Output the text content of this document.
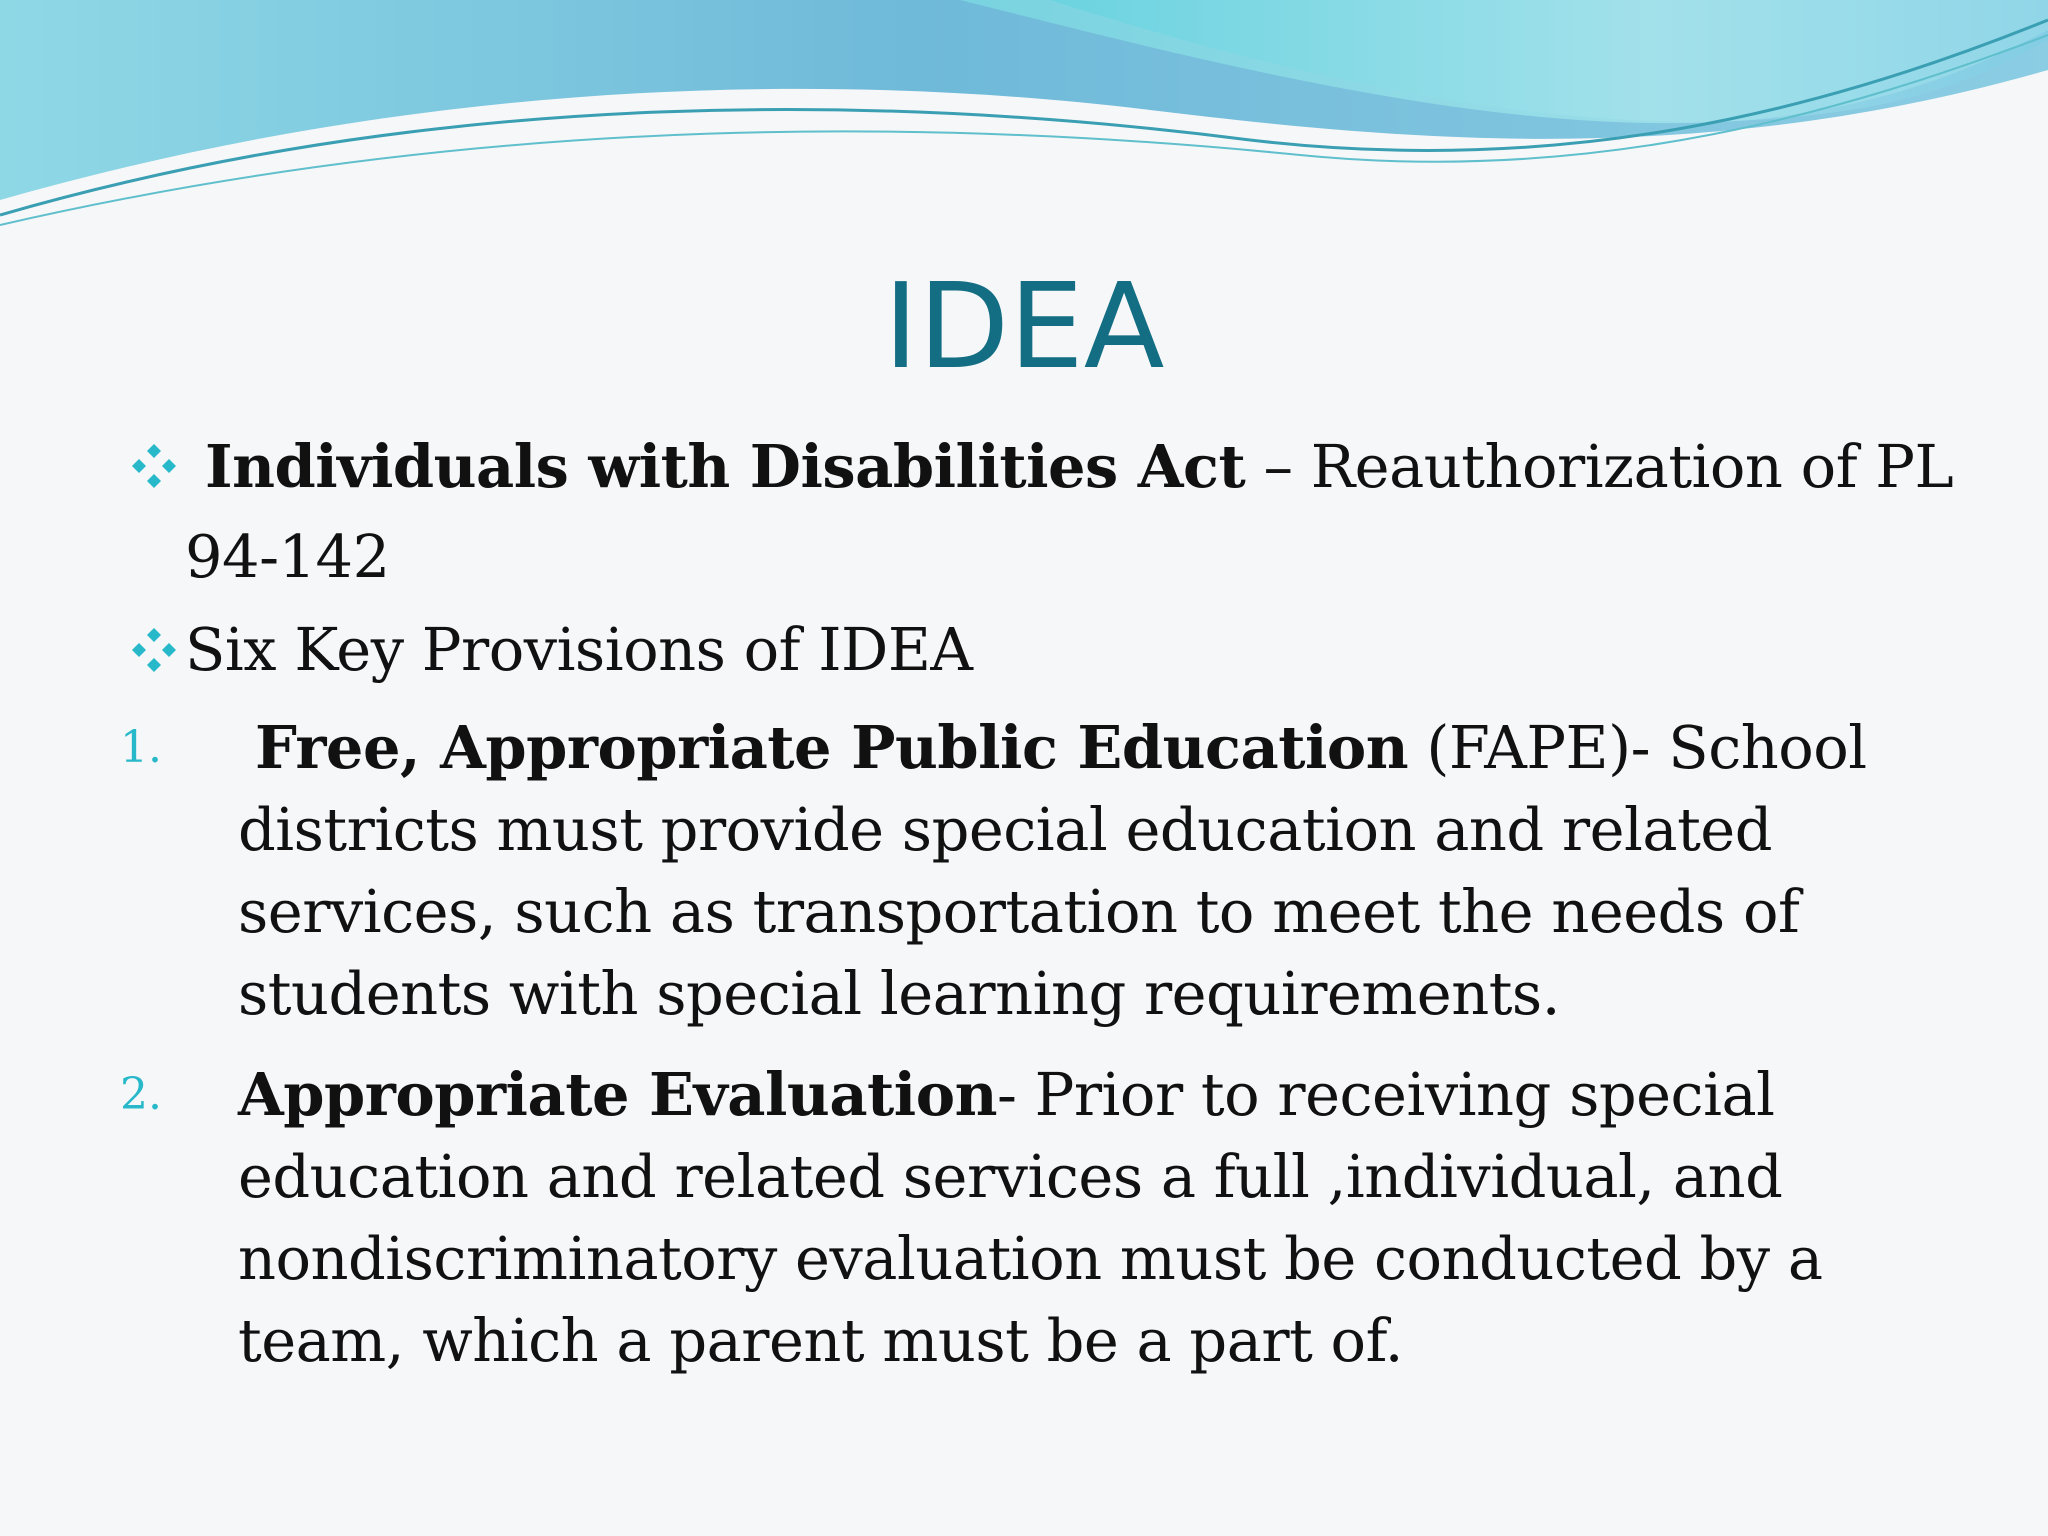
IDEA
Individuals with Disabilities Act – Reauthorization of PL
94-142
Six Key Provisions of IDEA
1. Free, Appropriate Public Education (FAPE)- School
districts must provide special education and related
services, such as transportation to meet the needs of
students with special learning requirements.
2. Appropriate Evaluation- Prior to receiving special
education and related services a full ,individual, and
nondiscriminatory evaluation must be conducted by a
team, which a parent must be a part of.
